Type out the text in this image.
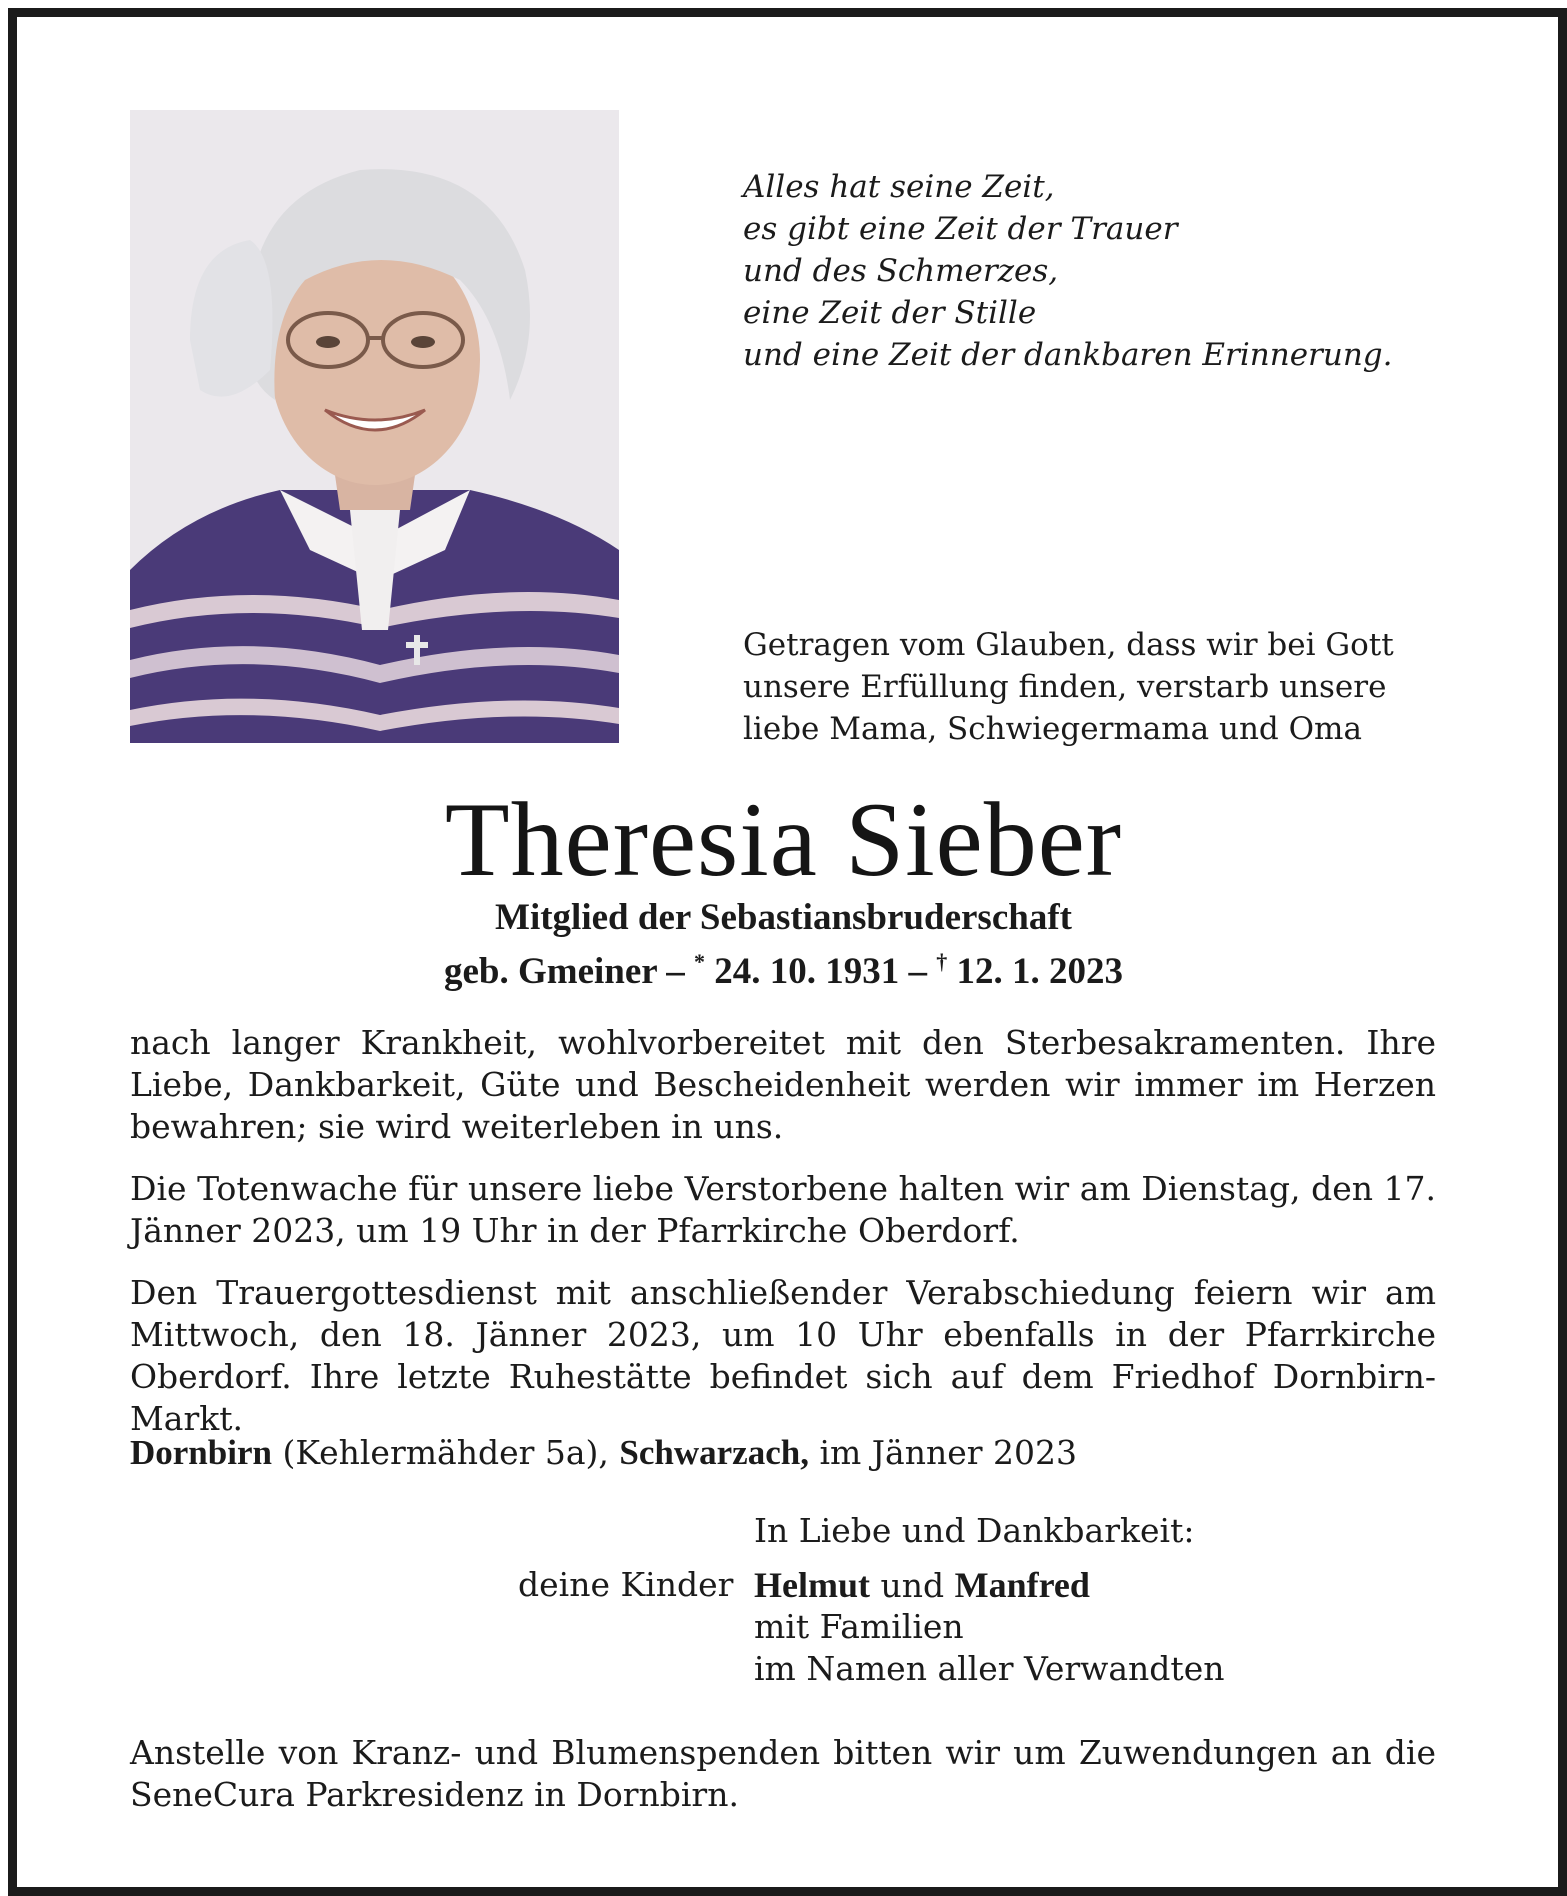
Alles hat seine Zeit,
es gibt eine Zeit der Trauer
und des Schmerzes,
eine Zeit der Stille
und eine Zeit der dankbaren Erinnerung.
Getragen vom Glauben, dass wir bei Gott
unsere Erfüllung finden, verstarb unsere
liebe Mama, Schwiegermama und Oma
Theresia Sieber
Mitglied der Sebastiansbruderschaft
geb. Gmeiner – * 24. 10. 1931 – † 12. 1. 2023
nach langer Krankheit, wohlvorbereitet mit den Sterbesakramenten. Ihre Liebe, Dankbarkeit, Güte und Bescheidenheit werden wir immer im Herzen bewahren; sie wird weiterleben in uns.
Die Totenwache für unsere liebe Verstorbene halten wir am Dienstag, den 17. Jänner 2023, um 19 Uhr in der Pfarrkirche Oberdorf.
Den Trauergottesdienst mit anschließender Verabschiedung feiern wir am Mittwoch, den 18. Jänner 2023, um 10 Uhr ebenfalls in der Pfarrkirche Oberdorf. Ihre letzte Ruhestätte befindet sich auf dem Friedhof Dornbirn-Markt.
Dornbirn (Kehlermähder 5a), Schwarzach, im Jänner 2023
In Liebe und Dankbarkeit:
deine Kinder Helmut und Manfred
mit Familien
im Namen aller Verwandten
Anstelle von Kranz- und Blumenspenden bitten wir um Zuwendungen an die SeneCura Parkresidenz in Dornbirn.
